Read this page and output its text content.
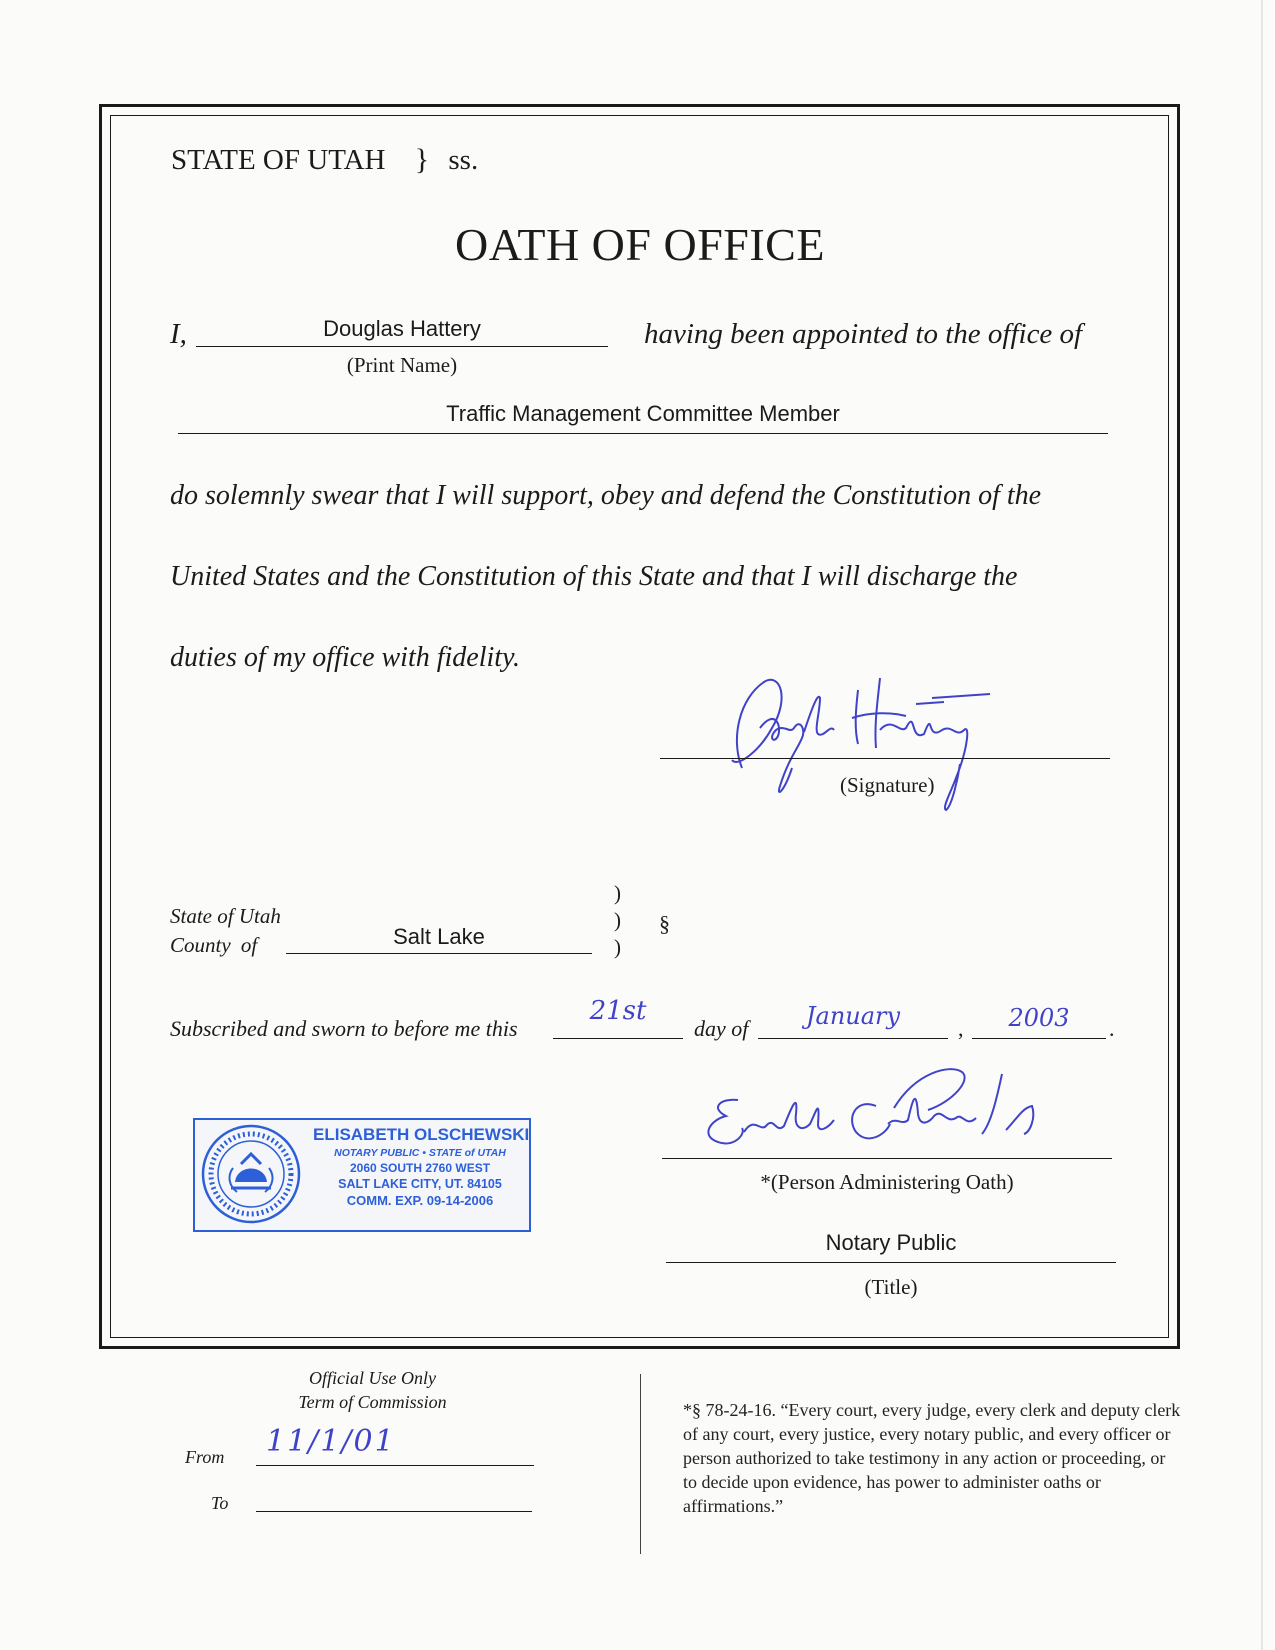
STATE OF UTAH } ss.
OATH OF OFFICE
I,	Douglas Hattery
(Print Name)
having been appointed to the office of
Traffic Management Committee Member
do solemnly swear that I will support, obey and defend the Constitution of the
United States and the Constitution of this State and that I will discharge the
duties of my office with fidelity.
(Signature)
State of Utah
County of	Salt Lake
)
)
)
§
Subscribed and sworn to before me this
21st
day of	January	,	2003	.
ELISABETH OLSCHEWSKI
NOTARY PUBLIC • STATE of UTAH
2060 SOUTH 2760 WEST
SALT LAKE CITY, UT. 84105
COMM. EXP. 09-14-2006
*(Person Administering Oath)
Notary Public
(Title)
Official Use Only
Term of Commission
From 11/1/01
To
*§ 78-24-16. “Every court, every judge, every clerk and deputy clerk of any court, every justice, every notary public, and every officer or person authorized to take testimony in any action or proceeding, or to decide upon evidence, has power to administer oaths or affirmations.”
